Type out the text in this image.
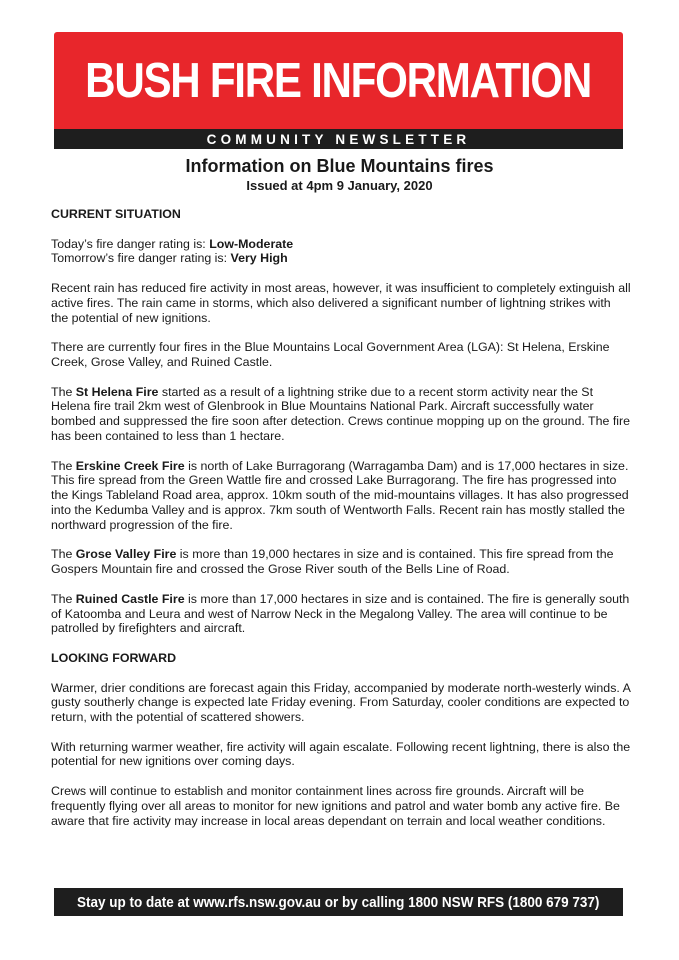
BUSH FIRE INFORMATION
COMMUNITY NEWSLETTER
Information on Blue Mountains fires
Issued at 4pm 9 January, 2020
CURRENT SITUATION

Today’s fire danger rating is: Low-Moderate
Tomorrow’s fire danger rating is: Very High

Recent rain has reduced fire activity in most areas, however, it was insufficient to completely extinguish all active fires. The rain came in storms, which also delivered a significant number of lightning strikes with the potential of new ignitions.

There are currently four fires in the Blue Mountains Local Government Area (LGA): St Helena, Erskine Creek, Grose Valley, and Ruined Castle.

The St Helena Fire started as a result of a lightning strike due to a recent storm activity near the St Helena fire trail 2km west of Glenbrook in Blue Mountains National Park. Aircraft successfully water bombed and suppressed the fire soon after detection. Crews continue mopping up on the ground. The fire has been contained to less than 1 hectare.

The Erskine Creek Fire is north of Lake Burragorang (Warragamba Dam) and is 17,000 hectares in size. This fire spread from the Green Wattle fire and crossed Lake Burragorang. The fire has progressed into the Kings Tableland Road area, approx. 10km south of the mid-mountains villages. It has also progressed into the Kedumba Valley and is approx. 7km south of Wentworth Falls. Recent rain has mostly stalled the northward progression of the fire.

The Grose Valley Fire is more than 19,000 hectares in size and is contained. This fire spread from the Gospers Mountain fire and crossed the Grose River south of the Bells Line of Road.

The Ruined Castle Fire is more than 17,000 hectares in size and is contained. The fire is generally south of Katoomba and Leura and west of Narrow Neck in the Megalong Valley. The area will continue to be patrolled by firefighters and aircraft.

LOOKING FORWARD

Warmer, drier conditions are forecast again this Friday, accompanied by moderate north-westerly winds. A gusty southerly change is expected late Friday evening. From Saturday, cooler conditions are expected to return, with the potential of scattered showers.

With returning warmer weather, fire activity will again escalate. Following recent lightning, there is also the potential for new ignitions over coming days.

Crews will continue to establish and monitor containment lines across fire grounds. Aircraft will be frequently flying over all areas to monitor for new ignitions and patrol and water bomb any active fire. Be aware that fire activity may increase in local areas dependant on terrain and local weather conditions.

Stay up to date at www.rfs.nsw.gov.au or by calling 1800 NSW RFS (1800 679 737)
